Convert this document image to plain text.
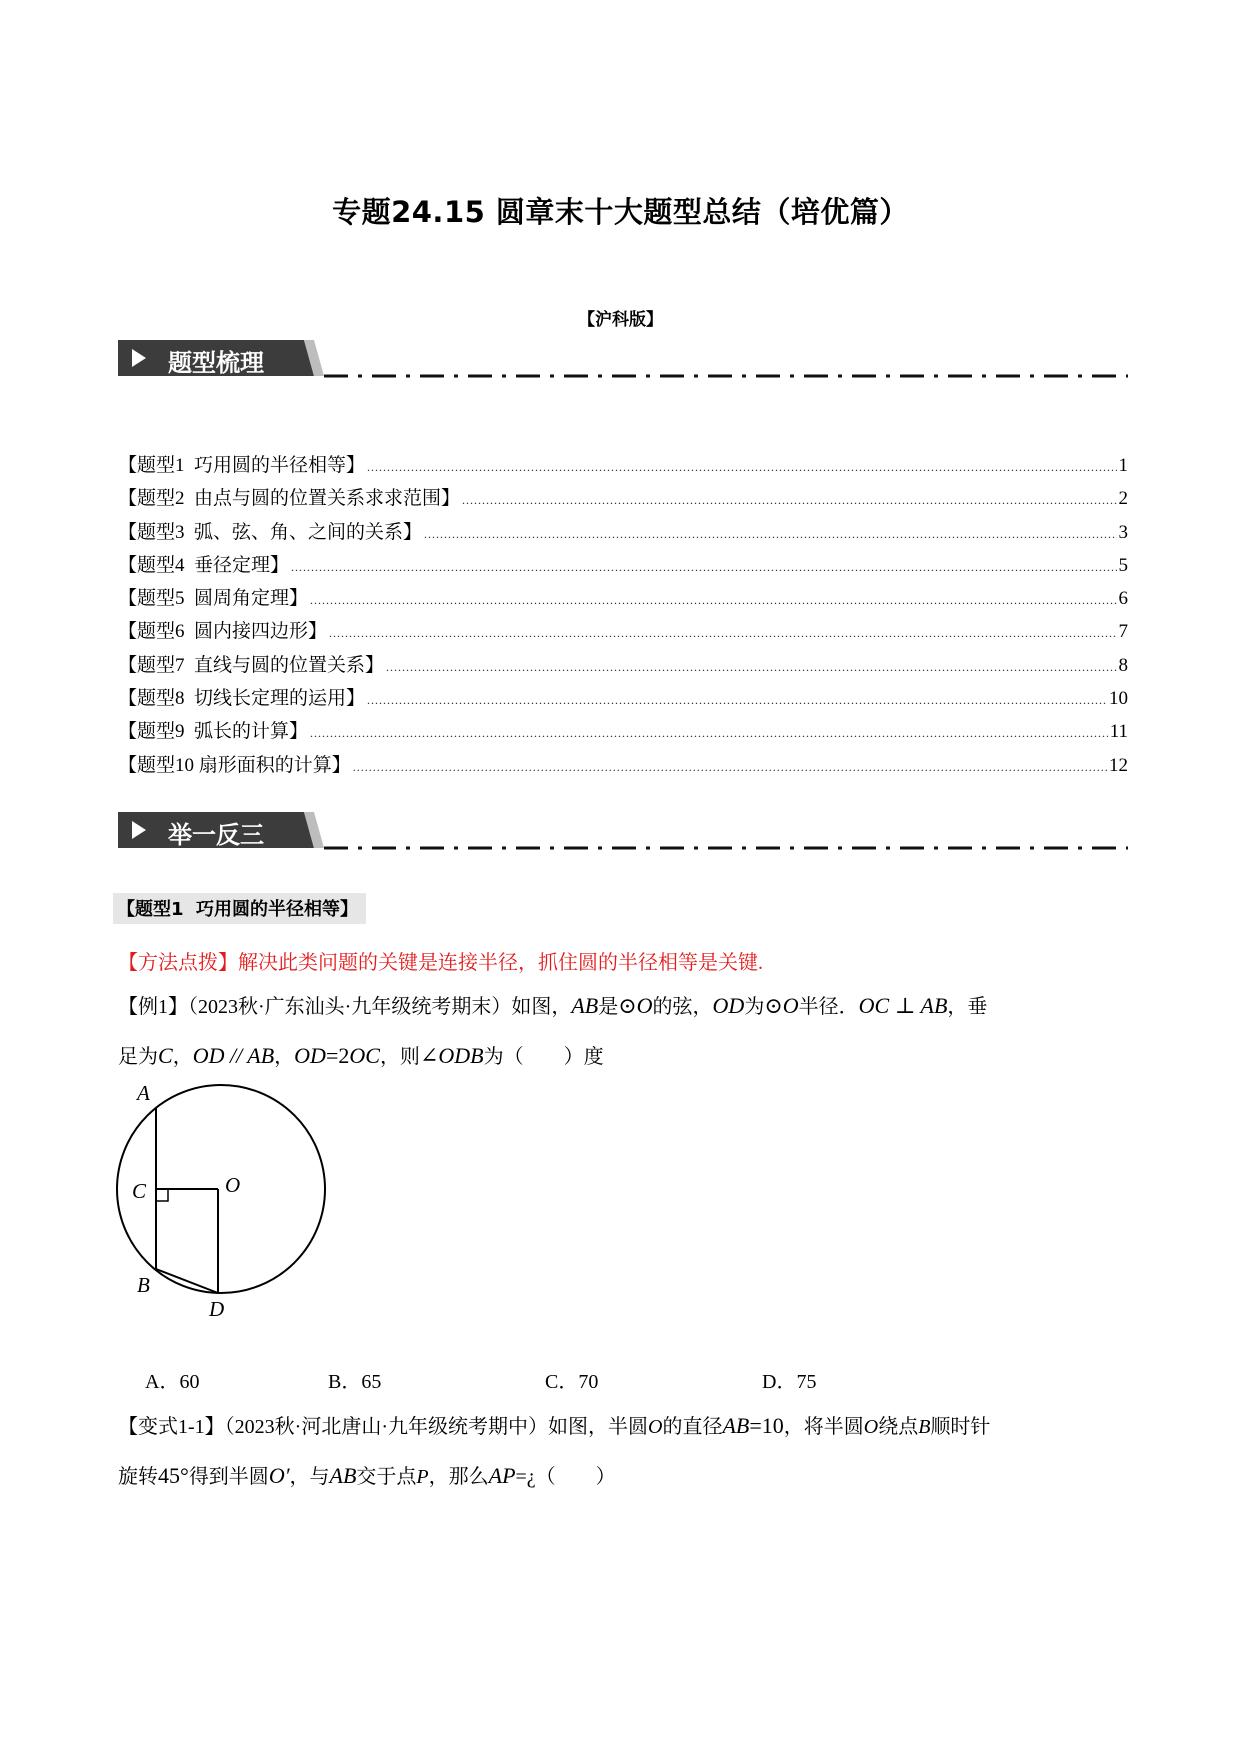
专题24.15 圆章末十大题型总结（培优篇）
【沪科版】
题型梳理
【题型1  巧用圆的半径相等】 .....	1
【题型2  由点与圆的位置关系求求范围】 .....	2
【题型3  弧、弦、角、之间的关系】 .....	3
【题型4  垂径定理】 .....	5
【题型5  圆周角定理】 .....	6
【题型6  圆内接四边形】 .....	7
【题型7  直线与圆的位置关系】 .....	8
【题型8  切线长定理的运用】 .....	10
【题型9  弧长的计算】 .....	11
【题型10 扇形面积的计算】 .....	12
举一反三
【题型1  巧用圆的半径相等】
【方法点拨】解决此类问题的关键是连接半径，抓住圆的半径相等是关键.
【例1】（2023秋·广东汕头·九年级统考期末）如图，AB是⊙O的弦，OD为⊙O半径．OC ⊥ AB，垂
足为C，OD // AB，OD=2OC，则∠ODB为（　　）度
A
C	O
B
D
A．60	B．65	C．70	D．75
【变式1-1】（2023秋·河北唐山·九年级统考期中）如图，半圆O的直径AB=10，将半圆O绕点B顺时针
旋转45°得到半圆O′，与AB交于点P，那么AP=¿（　　）
